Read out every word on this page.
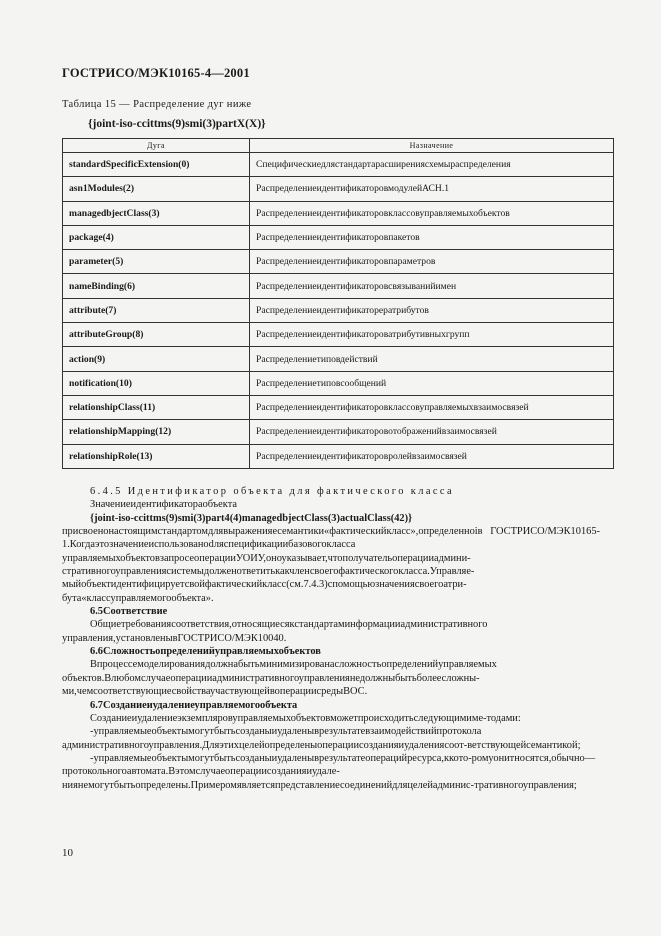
ГОСТРИСО/МЭК10165-4—2001
Таблица 15 — Распределение дуг ниже
{joint-iso-ccittms(9)smi(3)partX(X)}
Дуга	Назначение
standardSpecificExtension(0)	Специфическиедлястандартарасширениясхемыраспределения
asn1Modules(2)	РаспределениеидентификаторовмодулейАСН.1
managedbjectClass(3)	Распределениеидентификаторовклассовуправляемыхобъектов
package(4)	Распределениеидентификаторовпакетов
parameter(5)	Распределениеидентификаторовпараметров
nameBinding(6)	Распределениеидентификаторовсвязыванийимен
attribute(7)	Распределениеидентификаторератрибутов
attributeGroup(8)	Распределениеидентификатороватрибутивныхгрупп
action(9)	Распределениетиповдействий
notification(10)	Распределениетиповсообщений
relationshipClass(11)	Распределениеидентификаторовклассовуправляемыхвзаимосвязей
relationshipMapping(12)	Распределениеидентификаторовотображенийвзаимосвязей
relationshipRole(13)	Распределениеидентификаторовролейвзаимосвязей

6.4.5 Идентификатор объекта для фактического класса

Значениеидентификатораобъекта

{joint-iso-ccittms(9)smi(3)part4(4)managedbjectClass(3)actualClass(42)}

присвоенонастоящимстандартомдлявыраженияесемантики«фактическийкласс»,определенноів ГОСТРИСО/МЭК10165-1.Когдаэтозначениеиспользованоdляспецификациибазовогокласса управляемыхобъектовзапросеоперацииУОИУ,оноуказывает,чтополучательоперацииадмини-стративногоуправлениясистемыдолженответитькакчленсвоегофактическогокласса.Управляе-мыйобъектидентифицируетсвойфактическийкласс(см.7.4.3)спомощьюзначениясвоегоатри-бута«классуправляемогообъекта».

6.5Соответствие

Общиетребованиясоответствия,относящиесякстандартаминформацииадминистративного управления,установленывГОСТРИСО/МЭК10040.

6.6Сложностьопределенийуправляемыхобъектов

Впроцессемоделированиядолжнабытьминимизированасложностьопределенийуправляемых объектов.Влюбомслучаеоперацииадминистративногоуправлениянедолжныбытьболеесложны-ми,чемсоответствующиесвойстваучаствующейвоперациисредыВОС.

6.7Созданиеиудалениеуправляемогообъекта

Созданиеиудалениеэкземпляровуправляемыхобъектовможетпроисходитьследующимиме-тодами:

-управляемыеобъектымогутбытьсозданыиудаленыврезультатевзаимодействийпротокола административногоуправления.Дляэтихцелейопределеныоперациисозданияиудалениясоот-ветствующейсемантикой;

-управляемыеобъектымогутбытьсозданыиудаленыврезультатеоперацийресурса,ккото-ромуонитносятся,обычно—протокольногоавтомата.Вэтомслучаеоперациисозданияиудале-ниянемогутбытьопределены.Примеромявляетсяпредставлениесоединенийдляцелейадминис-тративногоуправления;

10
